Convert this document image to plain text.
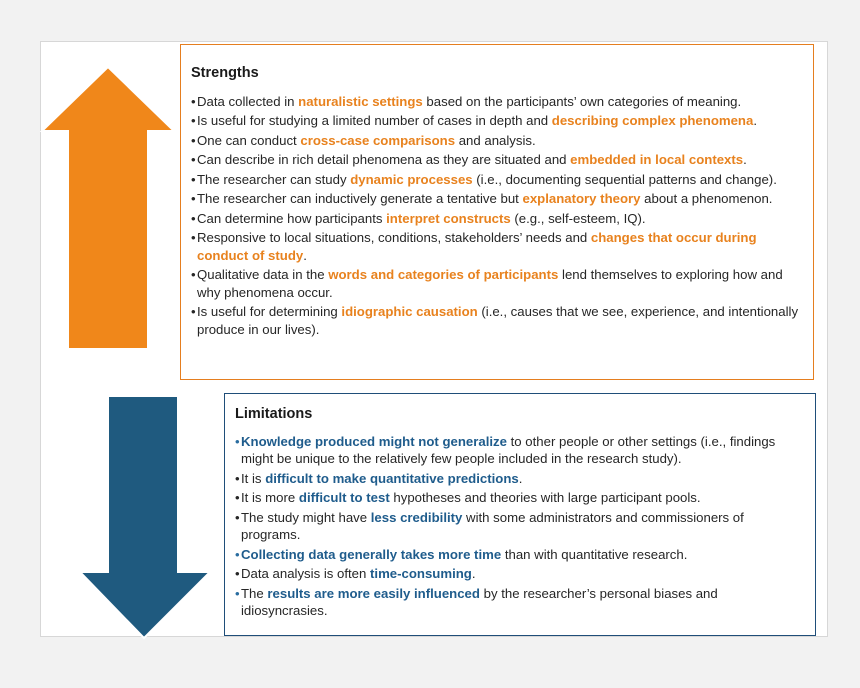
Strengths
•Data collected in naturalistic settings based on the participants’ own categories of meaning.
•Is useful for studying a limited number of cases in depth and describing complex phenomena.
•One can conduct cross-case comparisons and analysis.
•Can describe in rich detail phenomena as they are situated and embedded in local contexts.
•The researcher can study dynamic processes (i.e., documenting sequential patterns and change).
•The researcher can inductively generate a tentative but explanatory theory about a phenomenon.
•Can determine how participants interpret constructs (e.g., self-esteem, IQ).
•Responsive to local situations, conditions, stakeholders’ needs and changes that occur during conduct of study.
•Qualitative data in the words and categories of participants lend themselves to exploring how and why phenomena occur.
•Is useful for determining idiographic causation (i.e., causes that we see, experience, and intentionally produce in our lives).
Limitations
•Knowledge produced might not generalize to other people or other settings (i.e., findings might be unique to the relatively few people included in the research study).
•It is difficult to make quantitative predictions.
•It is more difficult to test hypotheses and theories with large participant pools.
•The study might have less credibility with some administrators and commissioners of programs.
•Collecting data generally takes more time than with quantitative research.
•Data analysis is often time-consuming.
•The results are more easily influenced by the researcher’s personal biases and idiosyncrasies.
